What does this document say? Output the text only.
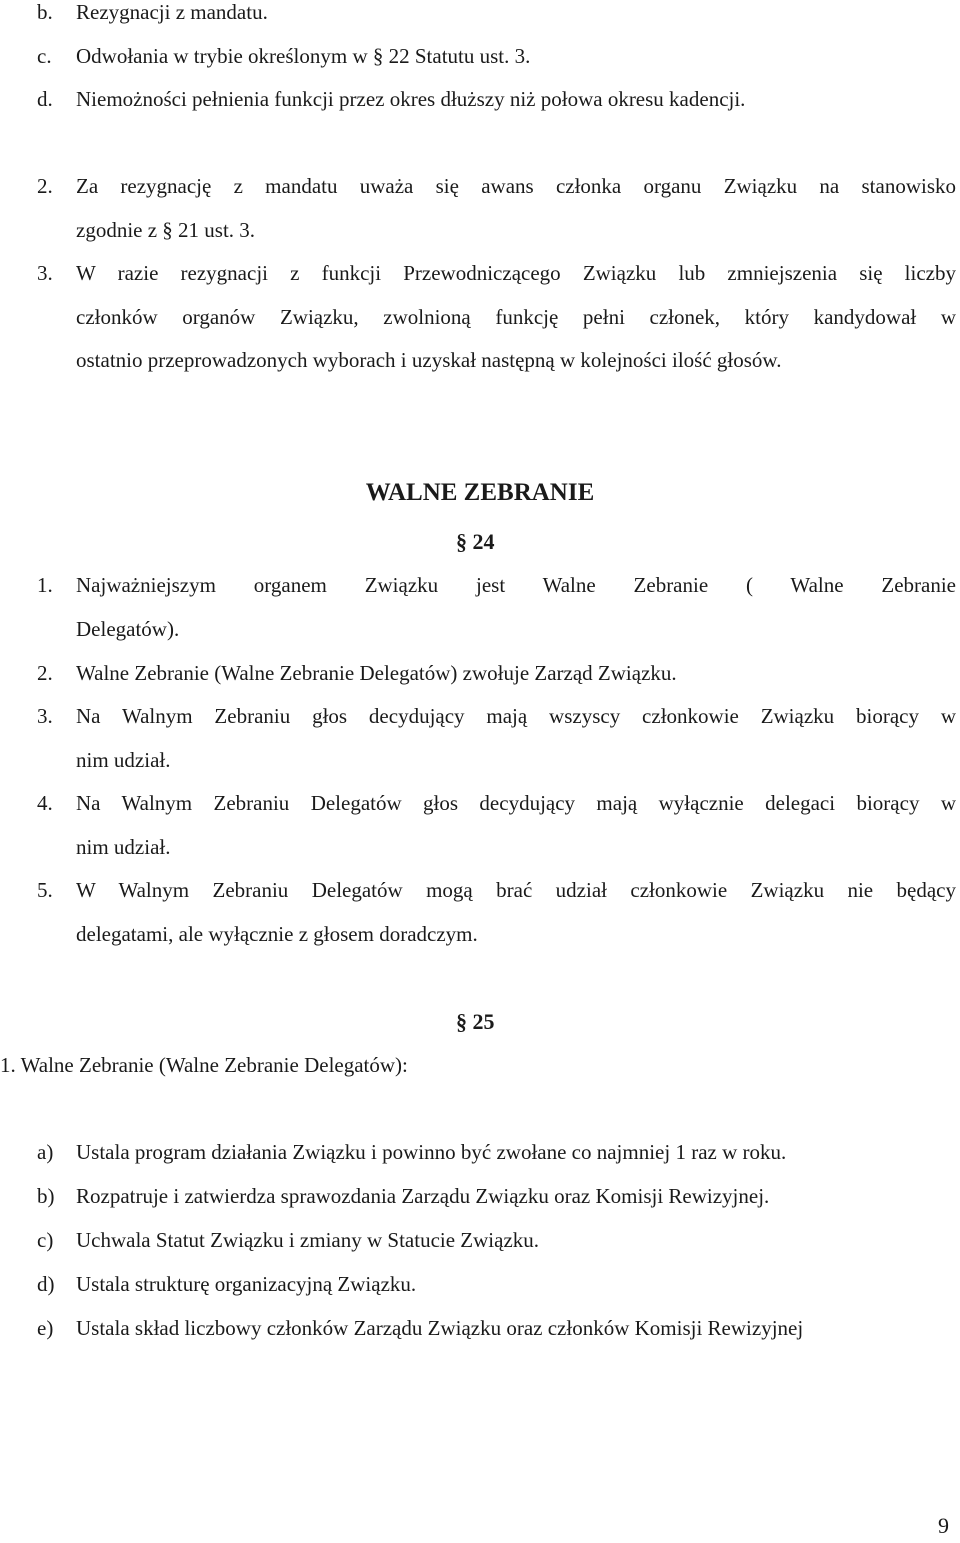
b. Rezygnacji z mandatu.
c. Odwołania w trybie określonym w § 22 Statutu ust. 3.
d. Niemożności pełnienia funkcji przez okres dłuższy niż połowa okresu kadencji.
2. Za rezygnację z mandatu uważa się awans członka organu Związku na stanowisko
zgodnie z § 21 ust. 3.
3. W razie rezygnacji z funkcji Przewodniczącego Związku lub zmniejszenia się liczby
członków organów Związku, zwolnioną funkcję pełni członek, który kandydował w
ostatnio przeprowadzonych wyborach i uzyskał następną w kolejności ilość głosów.
WALNE ZEBRANIE
§ 24
1. Najważniejszym organem Związku jest Walne Zebranie ( Walne Zebranie
Delegatów).
2. Walne Zebranie (Walne Zebranie Delegatów) zwołuje Zarząd Związku.
3. Na Walnym Zebraniu głos decydujący mają wszyscy członkowie Związku biorący w
nim udział.
4. Na Walnym Zebraniu Delegatów głos decydujący mają wyłącznie delegaci biorący w
nim udział.
5. W Walnym Zebraniu Delegatów mogą brać udział członkowie Związku nie będący
delegatami, ale wyłącznie z głosem doradczym.
§ 25
1. Walne Zebranie (Walne Zebranie Delegatów):
a) Ustala program działania Związku i powinno być zwołane co najmniej 1 raz w roku.
b) Rozpatruje i zatwierdza sprawozdania Zarządu Związku oraz Komisji Rewizyjnej.
c) Uchwala Statut Związku i zmiany w Statucie Związku.
d) Ustala strukturę organizacyjną Związku.
e) Ustala skład liczbowy członków Zarządu Związku oraz członków Komisji Rewizyjnej
9
